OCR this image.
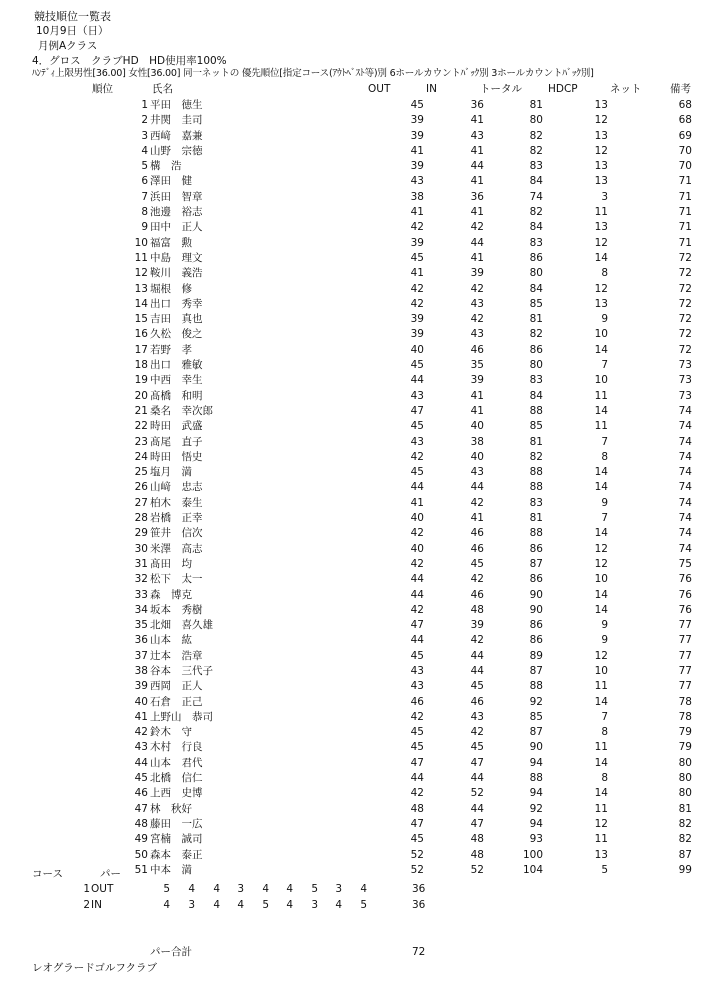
競技順位一覧表
10月9日（日）
月例Aクラス
4．グロス　クラブHD　HD使用率100%
ﾊﾝﾃﾞｨ上限男性[36.00] 女性[36.00] 同一ネットの 優先順位[指定コース(ｱｳﾄﾍﾞｽﾄ等)別 6ホールカウントﾊﾞｯｸ別 3ホールカウントﾊﾞｯｸ別]
順位	氏名	OUT	IN	トータル HDCP	ネット	備考
1 平田　徳生	45	36	81	13	68
2 井関　圭司	39	41	80	12	68
3 西﨑　嘉兼	39	43	82	13	69
4 山野　宗徳	41	41	82	12	70
5 構　浩	39	44	83	13	70
6 澤田　健	43	41	84	13	71
7 浜田　智章	38	36	74	3	71
8 池邊　裕志	41	41	82	11	71
9 田中　正人	42	42	84	13	71
10 福富　勲	39	44	83	12	71
11 中島　理文	45	41	86	14	72
12 鞍川　義浩	41	39	80	8	72
13 堀根　修	42	42	84	12	72
14 出口　秀幸	42	43	85	13	72
15 吉田　真也	39	42	81	9	72
16 久松　俊之	39	43	82	10	72
17 若野　孝	40	46	86	14	72
18 出口　雅敏	45	35	80	7	73
19 中西　幸生	44	39	83	10	73
20 髙橋　和明	43	41	84	11	73
21 桑名　幸次郎	47	41	88	14	74
22 時田　武盛	45	40	85	11	74
23 髙尾　直子	43	38	81	7	74
24 時田　悟史	42	40	82	8	74
25 塩月　満	45	43	88	14	74
26 山﨑　忠志	44	44	88	14	74
27 柏木　泰生	41	42	83	9	74
28 岩橋　正幸	40	41	81	7	74
29 笹井　信次	42	46	88	14	74
30 米澤　高志	40	46	86	12	74
31 髙田　均	42	45	87	12	75
32 松下　太一	44	42	86	10	76
33 森　博克	44	46	90	14	76
34 坂本　秀樹	42	48	90	14	76
35 北畑　喜久雄	47	39	86	9	77
36 山本　紘	44	42	86	9	77
37 辻本　浩章	45	44	89	12	77
38 谷本　三代子	43	44	87	10	77
39 西岡　正人	43	45	88	11	77
40 石倉　正己	46	46	92	14	78
41 上野山　恭司	42	43	85	7	78
42 鈴木　守	45	42	87	8	79
43 木村　行良	45	45	90	11	79
44 山本　君代	47	47	94	14	80
45 北橋　信仁	44	44	88	8	80
46 上西　史博	42	52	94	14	80
47 林　秋好	48	44	92	11	81
48 藤田　一広	47	47	94	12	82
49 宮楠　誠司	45	48	93	11	82
50 森本　泰正	52	48	100	13	87
51 中本　満	52	52	104	5	99
コース	パー
1 OUT	5	4	4	3	4	4	5	3	4	36
2 IN	4	3	4	4	5	4	3	4	5	36
パー合計	72
レオグラードゴルフクラブ
